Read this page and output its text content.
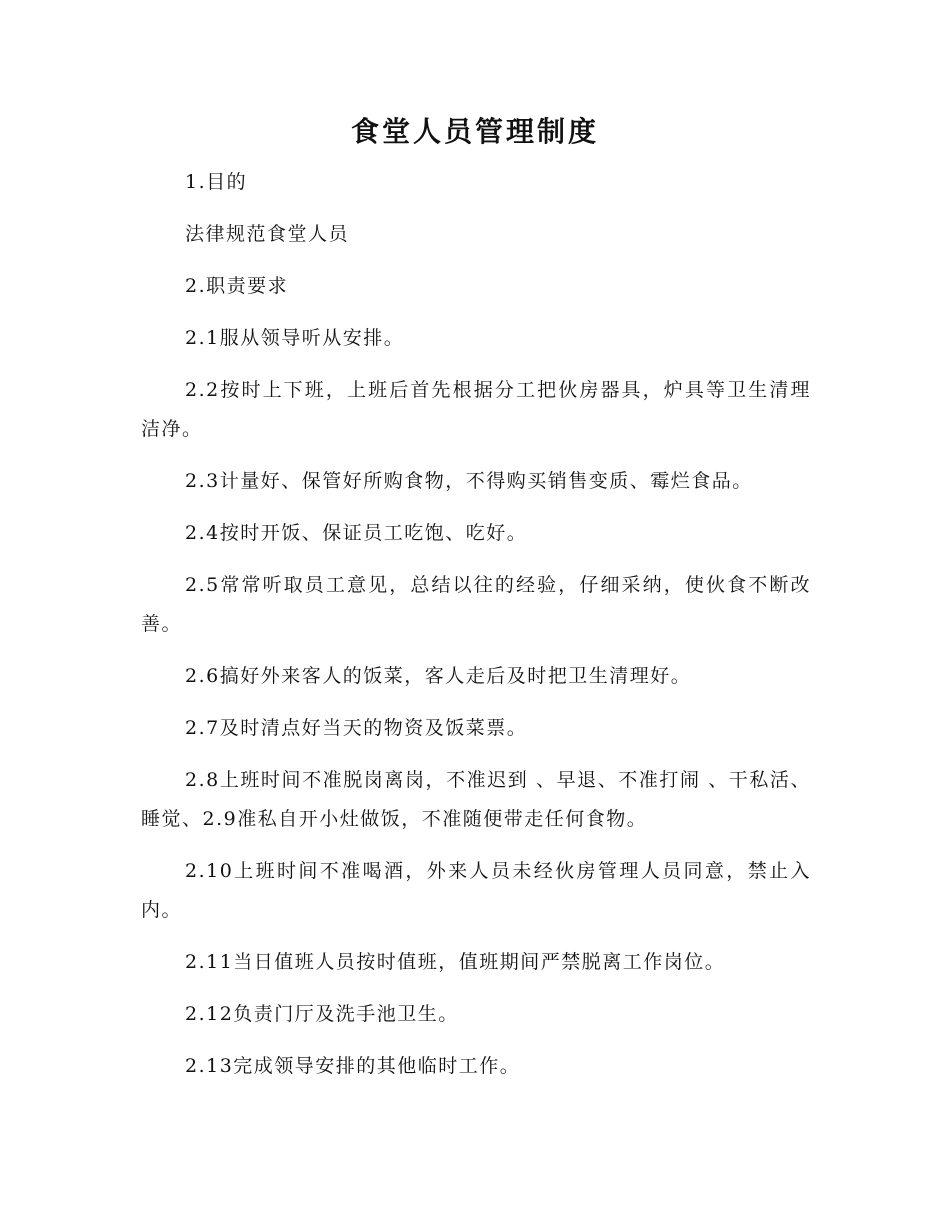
食堂人员管理制度

1.目的

法律规范食堂人员

2.职责要求

2.1服从领导听从安排。

2.2按时上下班，上班后首先根据分工把伙房器具，炉具等卫生清理洁净。

2.3计量好、保管好所购食物，不得购买销售变质、霉烂食品。

2.4按时开饭、保证员工吃饱、吃好。

2.5常常听取员工意见，总结以往的经验，仔细采纳，使伙食不断改善。

2.6搞好外来客人的饭菜，客人走后及时把卫生清理好。

2.7及时清点好当天的物资及饭菜票。

2.8上班时间不准脱岗离岗，不准迟到 、早退、不准打闹 、干私活、睡觉、2.9准私自开小灶做饭，不准随便带走任何食物。

2.10上班时间不准喝酒，外来人员未经伙房管理人员同意，禁止入内。

2.11当日值班人员按时值班，值班期间严禁脱离工作岗位。

2.12负责门厅及洗手池卫生。

2.13完成领导安排的其他临时工作。
